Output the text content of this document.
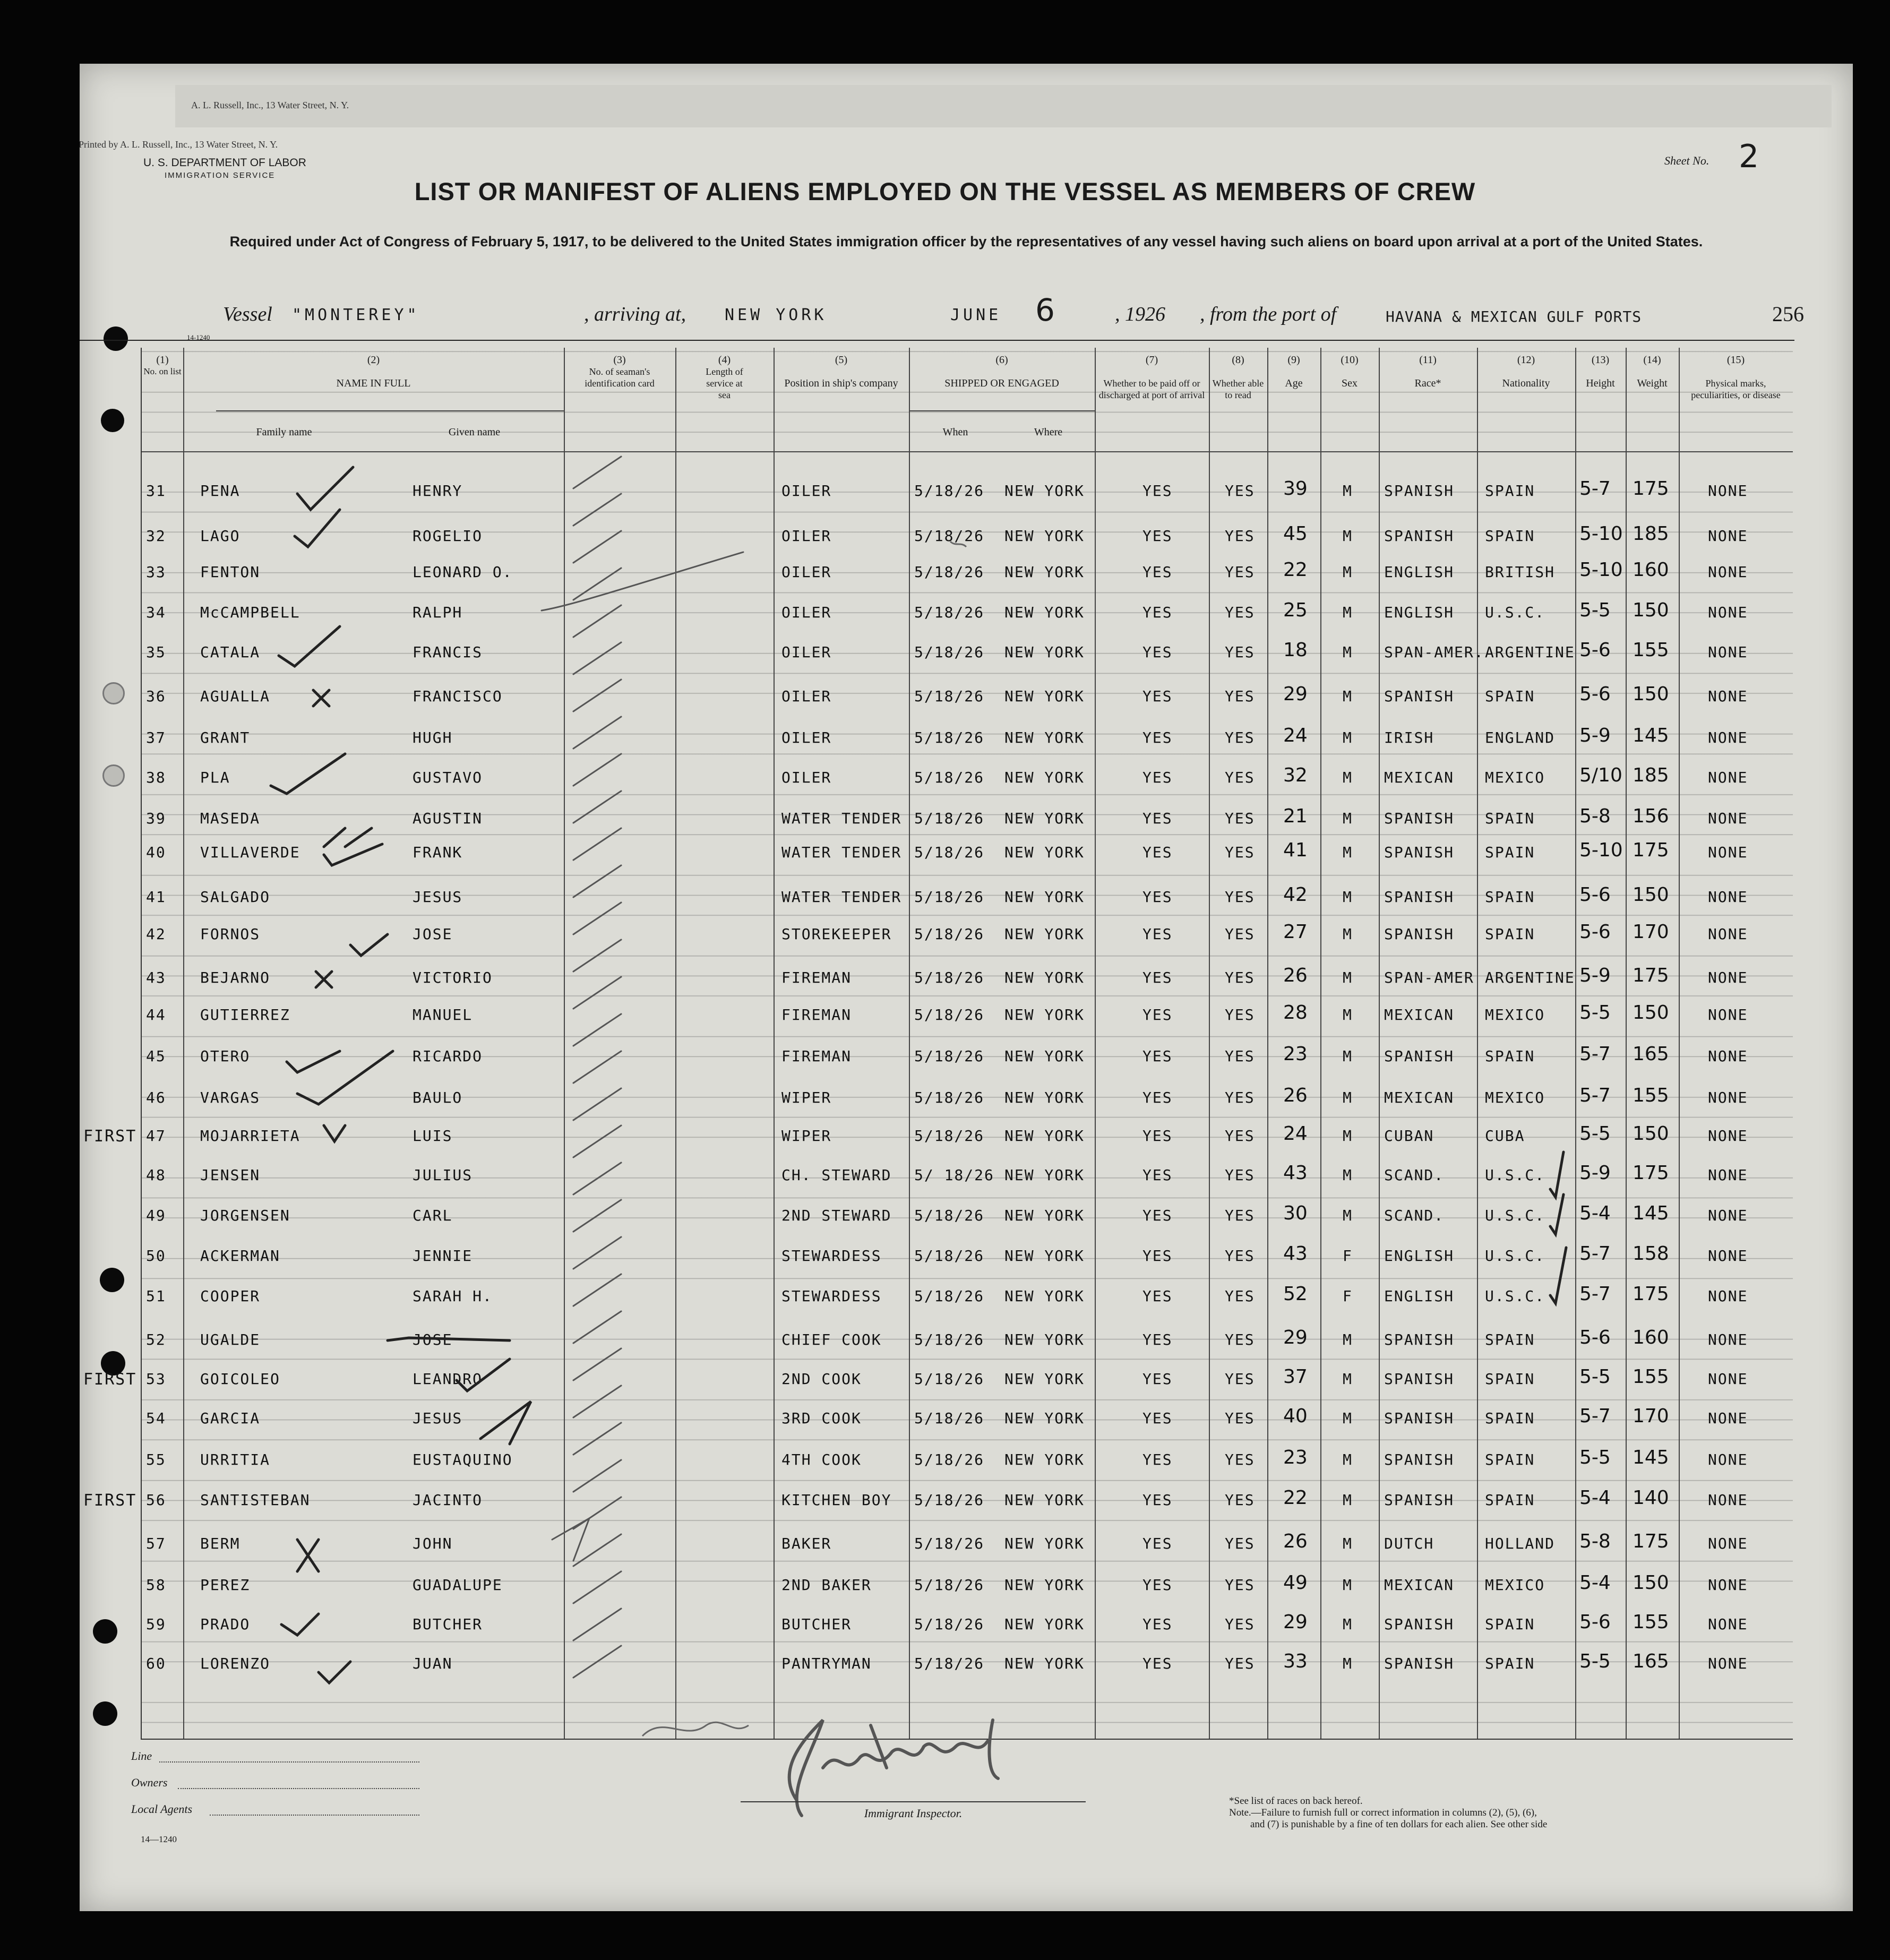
A. L. Russell, Inc., 13 Water Street, N. Y.
Printed by A. L. Russell, Inc., 13 Water Street, N. Y.
U. S. DEPARTMENT OF LABOR
IMMIGRATION SERVICE
Sheet No. 2
LIST OR MANIFEST OF ALIENS EMPLOYED ON THE VESSEL AS MEMBERS OF CREW
Required under Act of Congress of February 5, 1917, to be delivered to the United States immigration officer by the representatives of any vessel having such aliens on board upon arrival at a port of the United States.
Vessel "MONTEREY"	, arriving at, NEW YORK	JUNE 6	, 1926 , from the port of	HAVANA & MEXICAN GULF PORTS	256
14-1240
(1)
No. on list
(2)
NAME IN FULL
Family name	Given name
(3)
No. of seaman's identification card
(4)
Length of service at sea
(5)
Position in ship's company
(6)
SHIPPED OR ENGAGED
When	Where
(7)
Whether to be paid off or discharged at port of arrival
(8)
Whether able to read
(9)
Age
(10)
Sex
(11)
Race*
(12)
Nationality
(13)
Height
(14)
Weight
(15)
Physical marks, peculiarities, or disease
31 PENA	HENRY	OILER	5/18/26 NEW YORK	YES	YES 39 M SPANISH SPAIN 5-7 175	NONE
32 LAGO	ROGELIO	OILER	5/18/26 NEW YORK	YES	YES 45 M SPANISH SPAIN 5-10 185	NONE
33 FENTON	LEONARD O.	OILER	5/18/26 NEW YORK	YES	YES 22 M ENGLISH BRITISH 5-10 160	NONE
34 McCAMPBELL	RALPH	OILER	5/18/26 NEW YORK	YES	YES 25 M ENGLISH U.S.C. 5-5 150	NONE
35 CATALA	FRANCIS	OILER	5/18/26 NEW YORK	YES	YES 18 M SPAN-AMER. ARGENTINE 5-6 155	NONE
36 AGUALLA	FRANCISCO	OILER	5/18/26 NEW YORK	YES	YES 29 M SPANISH SPAIN 5-6 150	NONE
37 GRANT	HUGH	OILER	5/18/26 NEW YORK	YES	YES 24 M IRISH	ENGLAND 5-9 145	NONE
38 PLA	GUSTAVO	OILER	5/18/26 NEW YORK	YES	YES 32 M MEXICAN MEXICO 5/10 185	NONE
39 MASEDA	AGUSTIN	WATER TENDER 5/18/26 NEW YORK	YES	YES 21 M SPANISH SPAIN 5-8 156	NONE
40 VILLAVERDE	FRANK	WATER TENDER 5/18/26 NEW YORK	YES	YES 41 M SPANISH SPAIN 5-10 175	NONE
41 SALGADO	JESUS	WATER TENDER 5/18/26 NEW YORK	YES	YES 42 M SPANISH SPAIN 5-6 150	NONE
42 FORNOS	JOSE	STOREKEEPER 5/18/26 NEW YORK	YES	YES 27 M SPANISH SPAIN 5-6 170	NONE
43 BEJARNO	VICTORIO	FIREMAN	5/18/26 NEW YORK	YES	YES 26 M SPAN-AMER ARGENTINE 5-9 175	NONE
44 GUTIERREZ	MANUEL	FIREMAN	5/18/26 NEW YORK	YES	YES 28 M MEXICAN MEXICO 5-5 150	NONE
45 OTERO	RICARDO	FIREMAN	5/18/26 NEW YORK	YES	YES 23 M SPANISH SPAIN 5-7 165	NONE
46 VARGAS	BAULO	WIPER	5/18/26 NEW YORK	YES	YES 26 M MEXICAN MEXICO 5-7 155	NONE
FIRST 47 MOJARRIETA	LUIS	WIPER	5/18/26 NEW YORK	YES	YES 24 M CUBAN	CUBA	5-5 150	NONE
48 JENSEN	JULIUS	CH. STEWARD 5/ 18/26 NEW YORK	YES	YES 43 M SCAND.	U.S.C. 5-9 175	NONE
49 JORGENSEN	CARL	2ND STEWARD 5/18/26 NEW YORK	YES	YES 30 M SCAND.	U.S.C. 5-4 145	NONE
50 ACKERMAN	JENNIE	STEWARDESS 5/18/26 NEW YORK	YES	YES 43 F ENGLISH U.S.C. 5-7 158	NONE
51 COOPER	SARAH H.	STEWARDESS 5/18/26 NEW YORK	YES	YES 52 F ENGLISH U.S.C. 5-7 175	NONE
52 UGALDE	JOSE	CHIEF COOK 5/18/26 NEW YORK	YES	YES 29 M SPANISH SPAIN 5-6 160	NONE
FIRST 53 GOICOLEO	LEANDRO	2ND COOK	5/18/26 NEW YORK	YES	YES 37 M SPANISH SPAIN 5-5 155	NONE
54 GARCIA	JESUS	3RD COOK	5/18/26 NEW YORK	YES	YES 40 M SPANISH SPAIN 5-7 170	NONE
55 URRITIA	EUSTAQUINO	4TH COOK	5/18/26 NEW YORK	YES	YES 23 M SPANISH SPAIN 5-5 145	NONE
FIRST 56 SANTISTEBAN	JACINTO	KITCHEN BOY 5/18/26 NEW YORK	YES	YES 22 M SPANISH SPAIN 5-4 140	NONE
57 BERM	JOHN	BAKER	5/18/26 NEW YORK	YES	YES 26 M DUTCH	HOLLAND 5-8 175	NONE
58 PEREZ	GUADALUPE	2ND BAKER	5/18/26 NEW YORK	YES	YES 49 M MEXICAN MEXICO 5-4 150	NONE
59 PRADO	BUTCHER	BUTCHER	5/18/26 NEW YORK	YES	YES 29 M SPANISH SPAIN 5-6 155	NONE
60 LORENZO	JUAN	PANTRYMAN	5/18/26 NEW YORK	YES	YES 33 M SPANISH SPAIN 5-5 165	NONE
Line
Owners
Local Agents
14—1240
Immigrant Inspector.
*See list of races on back hereof.
Note.—Failure to furnish full or correct information in columns (2), (5), (6),
and (7) is punishable by a fine of ten dollars for each alien. See other side
